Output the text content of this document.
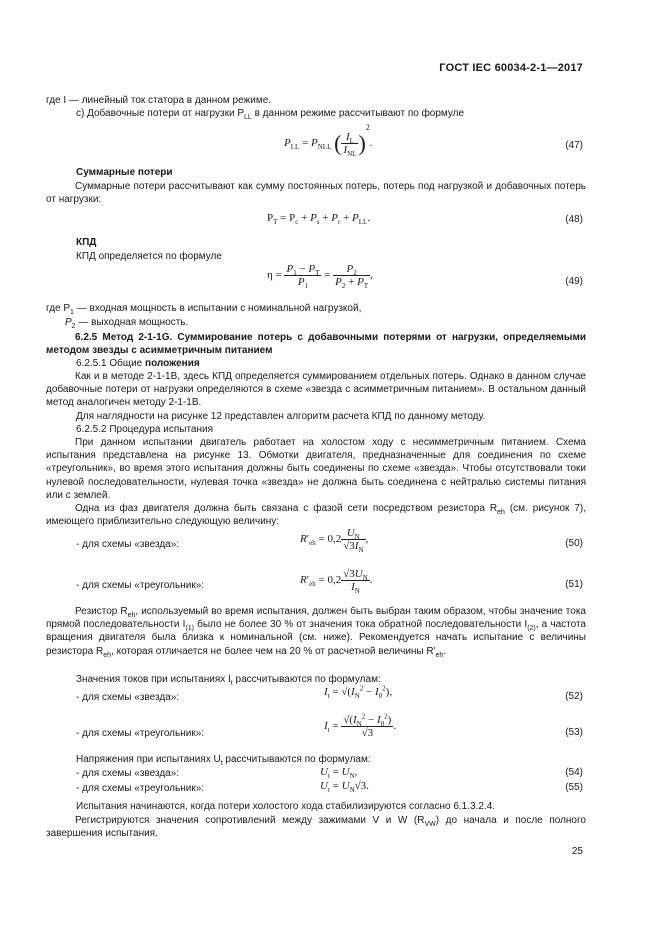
ГОСТ IEC 60034-2-1—2017
где I — линейный ток статора в данном режиме.
с) Добавочные потери от нагрузки $P_{LL}$ в данном режиме рассчитывают по формуле
$P_{LL} = P_{NLL}$ ( $\frac{I_L}{I_{NL}} )^2$.	(47)
Суммарные потери
Суммарные потери рассчитывают как сумму постоянных потерь, потерь под нагрузкой и добавочных потерь от нагрузки:
$P_T = P_c + P_s + P_r + P_{LL}$.	(48)
КПД
КПД определяется по формуле
$\eta = \frac{P_1 - P_T}{P_1} = \frac{P_2}{P_2 + P_T}$ ,
(49)
где $P_1$ — входная мощность в испытании с номинальной нагрузкой,
$P_2$ — выходная мощность.
6.2.5 Метод 2-1-1G. Суммирование потерь с добавочными потерями от нагрузки, определяемыми методом звезды с асимметричным питанием
6.2.5.1 Общие положения
Как и в методе 2-1-1B, здесь КПД определяется суммированием отдельных потерь. Однако в данном случае добавочные потери от нагрузки определяются в схеме «звезда с асимметричным питанием». В остальном данный метод аналогичен методу 2-1-1B.
Для наглядности на рисунке 12 представлен алгоритм расчета КПД по данному методу.
6.2.5.2 Процедура испытания
При данном испытании двигатель работает на холостом ходу с несимметричным питанием. Схема испытания представлена на рисунке 13. Обмотки двигателя, предназначенные для соединения по схеме «треугольник», во время этого испытания должны быть соединены по схеме «звезда». Чтобы отсутствовали токи нулевой последовательности, нулевая точка «звезда» не должна быть соединена с нейтралью системы питания или с землей.
Одна из фаз двигателя должна быть связана с фазой сети посредством резистора $R_{eh}$ (см. рисунок 7), имеющего приблизительно следующую величину:
- для схемы «звезда»:	$R'_{eh} = 0,2 \frac{U_N}{√3I_N}$ ,	(50)
- для схемы «треугольник»:	$R'_{eh} = 0,2 \frac{√3U_N}{I_N}$ .	(51)
Резистор $R_{eh}$, используемый во время испытания, должен быть выбран таким образом, чтобы значение тока прямой последовательности $I_{(1)}$ было не более 30 % от значения тока обратной последовательности $I_{(2)}$, а частота вращения двигателя была близка к номинальной (см. ниже). Рекомендуется начать испытание с величины резистора $R_{eh}$, которая отличается не более чем на 20 % от расчетной величины $R'_{eh}$.
Значения токов при испытаниях $I_t$ рассчитываются по формулам:
- для схемы «звезда»:	$I_t = √(I_N^2 - I_0^2)$,	(52)
- для схемы «треугольник»:
$I_t = \frac{√(I_N^2 - I_0^2)}{√3}$ .
(53)
Напряжения при испытаниях $U_t$ рассчитываются по формулам:
- для схемы «звезда»:	$U_t = U_N$,	(54)
- для схемы «треугольник»:	$U_t = U_N√3$.	(55)
Испытания начинаются, когда потери холостого хода стабилизируются согласно 6.1.3.2.4.
Регистрируются значения сопротивлений между зажимами V и W $(R_{VW})$ до начала и после полного завершения испытания.
25
